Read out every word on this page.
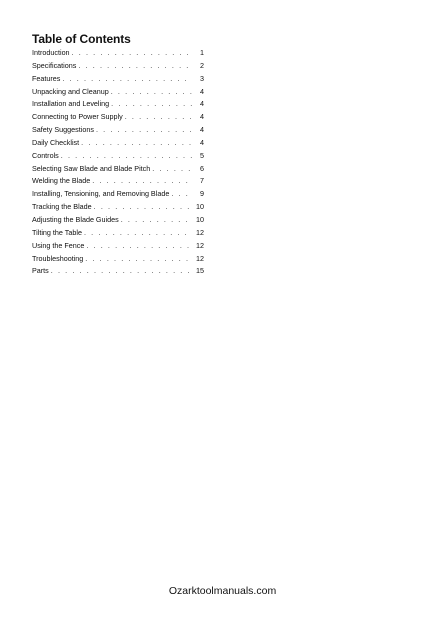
Table of Contents
Introduction . . .	1
Specifications . . .	2
Features . . .	3
Unpacking and Cleanup . . .	4
Installation and Leveling . . .	4
Connecting to Power Supply . . .	4
Safety Suggestions . . .	4
Daily Checklist . . .	4
Controls . . .	5
Selecting Saw Blade and Blade Pitch . . .	6
Welding the Blade . . .	7
Installing, Tensioning, and Removing Blade . . .	9
Tracking the Blade . . .	10
Adjusting the Blade Guides . . .	10
Tilting the Table . . .	12
Using the Fence . . .	12
Troubleshooting . . .	12
Parts . . .	15
Ozarktoolmanuals.com
